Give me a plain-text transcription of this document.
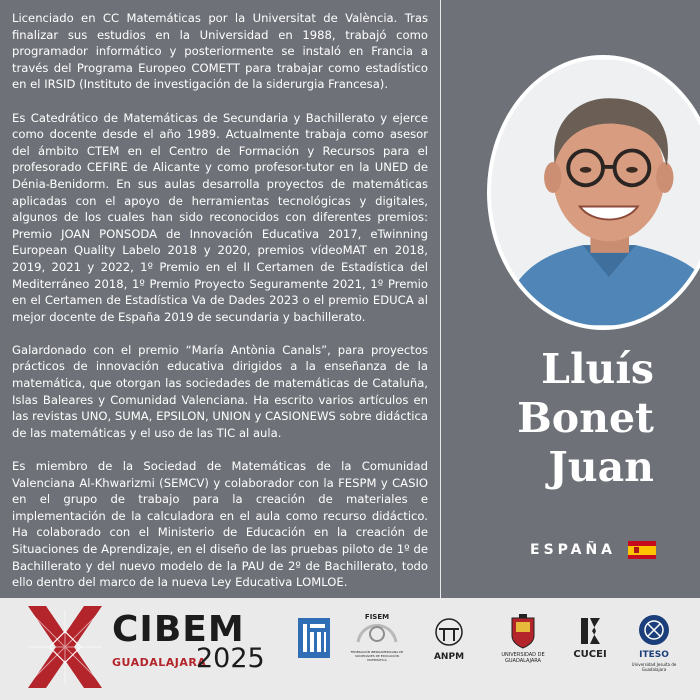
Licenciado en CC Matemáticas por la Universitat de València. Tras finalizar sus estudios en la Universidad en 1988, trabajó como programador informático y posteriormente se instaló en Francia a través del Programa Europeo COMETT para trabajar como estadístico en el IRSID (Instituto de investigación de la siderurgia Francesa).

Es Catedrático de Matemáticas de Secundaria y Bachillerato y ejerce como docente desde el año 1989. Actualmente trabaja como asesor del ámbito CTEM en el Centro de Formación y Recursos para el profesorado CEFIRE de Alicante y como profesor-tutor en la UNED de Dénia-Benidorm. En sus aulas desarrolla proyectos de matemáticas aplicadas con el apoyo de herramientas tecnológicas y digitales, algunos de los cuales han sido reconocidos con diferentes premios: Premio JOAN PONSODA de Innovación Educativa 2017, eTwinning European Quality Labelo 2018 y 2020, premios vídeoMAT en 2018, 2019, 2021 y 2022, 1º Premio en el II Certamen de Estadística del Mediterráneo 2018, 1º Premio Proyecto Seguramente 2021, 1º Premio en el Certamen de Estadística Va de Dades 2023 o el premio EDUCA al mejor docente de España 2019 de secundaria y bachillerato.

Galardonado con el premio “María Antònia Canals”, para proyectos prácticos de innovación educativa dirigidos a la enseñanza de la matemática, que otorgan las sociedades de matemáticas de Cataluña, Islas Baleares y Comunidad Valenciana. Ha escrito varios artículos en las revistas UNO, SUMA, EPSILON, UNION y CASIONEWS sobre didáctica de las matemáticas y el uso de las TIC al aula.

Es miembro de la Sociedad de Matemáticas de la Comunidad Valenciana Al-Khwarizmi (SEMCV) y colaborador con la FESPM y CASIO en el grupo de trabajo para la creación de materiales e implementación de la calculadora en el aula como recurso didáctico. Ha colaborado con el Ministerio de Educación en la creación de Situaciones de Aprendizaje, en el diseño de las pruebas piloto de 1º de Bachillerato y del nuevo modelo de la PAU de 2º de Bachillerato, todo ello dentro del marco de la nueva Ley Educativa LOMLOE.

Lluís
Bonet
Juan
ESPAÑA
CIBEM
GUADALAJARA
2025
FISEM
FEDERACIÓN IBEROAMERICANA DE SOCIEDADES DE EDUCACIÓN MATEMÁTICA	ANPM	UNIVERSIDAD DE GUADALAJARA
CUCEI	ITESO
Universidad Jesuita de Guadalajara
